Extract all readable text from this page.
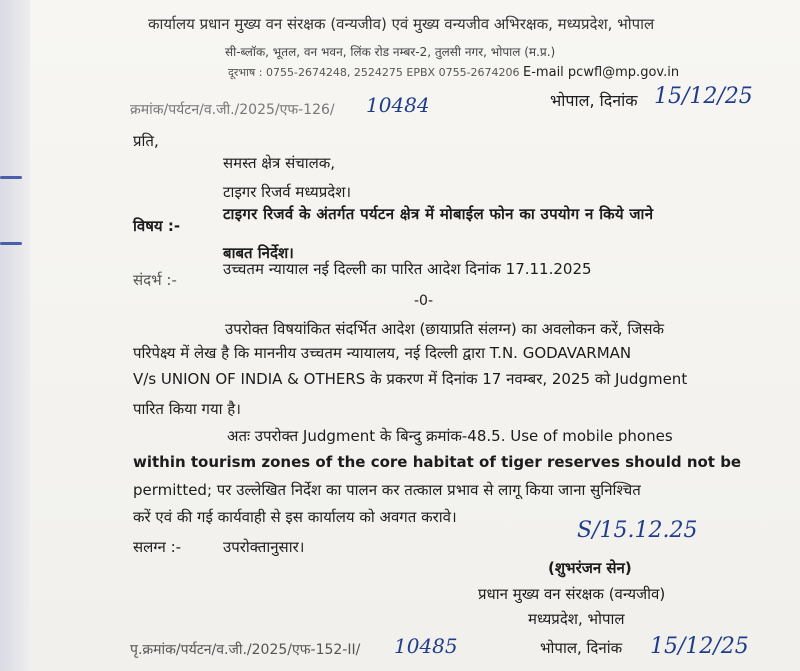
कार्यालय प्रधान मुख्य वन संरक्षक (वन्यजीव) एवं मुख्य वन्यजीव अभिरक्षक, मध्यप्रदेश, भोपाल
सी-ब्लॉक, भूतल, वन भवन, लिंक रोड नम्बर-2, तुलसी नगर, भोपाल (म.प्र.)
दूरभाष : 0755-2674248, 2524275 EPBX 0755-2674206 E-mail pcwfl@mp.gov.in
क्रमांक/पर्यटन/व.जी./2025/एफ-126/ 10484	भोपाल, दिनांक 15/12/25
प्रति,
समस्त क्षेत्र संचालक,
टाइगर रिजर्व मध्यप्रदेश।
विषय :-
टाइगर रिजर्व के अंतर्गत पर्यटन क्षेत्र में मोबाईल फोन का उपयोग न किये जाने
बाबत निर्देश।
संदर्भ :-
उच्चतम न्यायाल नई दिल्ली का पारित आदेश दिनांक 17.11.2025
-0-
उपरोक्त विषयांकित संदर्भित आदेश (छायाप्रति संलग्न) का अवलोकन करें, जिसके
परिपेक्ष्य में लेख है कि माननीय उच्चतम न्यायालय, नई दिल्ली द्वारा T.N. GODAVARMAN
V/s UNION OF INDIA & OTHERS के प्रकरण में दिनांक 17 नवम्बर, 2025 को Judgment
पारित किया गया है।
अतः उपरोक्त Judgment के बिन्दु क्रमांक-48.5. Use of mobile phones
within tourism zones of the core habitat of tiger reserves should not be
permitted; पर उल्लेखित निर्देश का पालन कर तत्काल प्रभाव से लागू किया जाना सुनिश्चित
करें एवं की गई कार्यवाही से इस कार्यालय को अवगत करावे।
सलग्न :-	उपरोक्तानुसार।
S/15.12.25
(शुभरंजन सेन)
प्रधान मुख्य वन संरक्षक (वन्यजीव)
मध्यप्रदेश, भोपाल
पृ.क्रमांक/पर्यटन/व.जी./2025/एफ-152-II/ 10485	भोपाल, दिनांक 15/12/25
